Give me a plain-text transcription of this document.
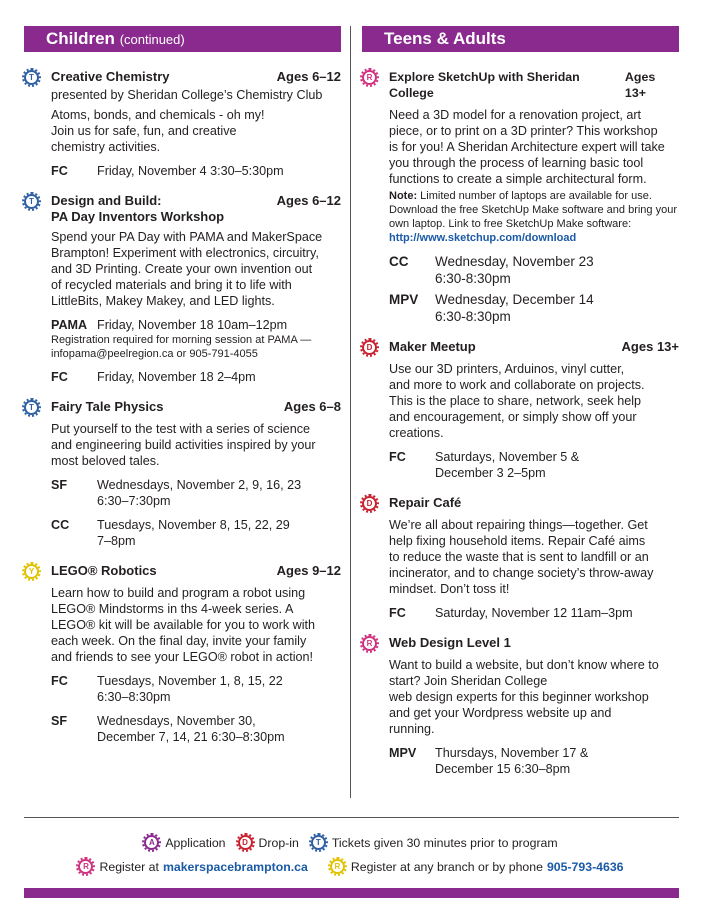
Children (continued)
T	Creative Chemistry	Ages 6–12
presented by Sheridan College’s Chemistry Club
Atoms, bonds, and chemicals - oh my!
Join us for safe, fun, and creative
chemistry activities.
FC	Friday, November 4 3:30–5:30pm
T	Design and Build:	Ages 6–12
PA Day Inventors Workshop
Spend your PA Day with PAMA and MakerSpace
Brampton! Experiment with electronics, circuitry,
and 3D Printing. Create your own invention out
of recycled materials and bring it to life with
LittleBits, Makey Makey, and LED lights.
PAMA Friday, November 18 10am–12pm
Registration required for morning session at PAMA —
infopama@peelregion.ca or 905-791-4055
FC	Friday, November 18 2–4pm
T	Fairy Tale Physics	Ages 6–8
Put yourself to the test with a series of science
and engineering build activities inspired by your
most beloved tales.
SF	Wednesdays, November 2, 9, 16, 23
6:30–7:30pm
CC	Tuesdays, November 8, 15, 22, 29
7–8pm
Y	LEGO® Robotics	Ages 9–12
Learn how to build and program a robot using
LEGO® Mindstorms in ths 4-week series. A
LEGO® kit will be available for you to work with
each week. On the final day, invite your family
and friends to see your LEGO® robot in action!
FC	Tuesdays, November 1, 8, 15, 22
6:30–8:30pm
SF	Wednesdays, November 30,
December 7, 14, 21 6:30–8:30pm
Teens & Adults
R	Explore SketchUp with Sheridan College
Ages 13+
Need a 3D model for a renovation project, art
piece, or to print on a 3D printer? This workshop
is for you! A Sheridan Architecture expert will take
you through the process of learning basic tool
functions to create a simple architectural form.
Note: Limited number of laptops are available for use. Download the free SketchUp Make software and bring your own laptop. Link to free SketchUp Make software: http://www.sketchup.com/download
CC	Wednesday, November 23
6:30-8:30pm
MPV	Wednesday, December 14
6:30-8:30pm
D	Maker Meetup	Ages 13+
Use our 3D printers, Arduinos, vinyl cutter,
and more to work and collaborate on projects.
This is the place to share, network, seek help
and encouragement, or simply show off your
creations.
FC	Saturdays, November 5 &
December 3 2–5pm
D	Repair Café
We’re all about repairing things—together. Get
help fixing household items. Repair Café aims
to reduce the waste that is sent to landfill or an
incinerator, and to change society’s throw-away
mindset. Don’t toss it!
FC	Saturday, November 12 11am–3pm
R	Web Design Level 1
Want to build a website, but don’t know where to
start? Join Sheridan College
web design experts for this beginner workshop
and get your Wordpress website up and
running.
MPV	Thursdays, November 17 &
December 15 6:30–8pm
A Application	D Drop-in	T Tickets given 30 minutes prior to program
R Register at makerspacebrampton.ca	R Register at any branch or by phone 905-793-4636
